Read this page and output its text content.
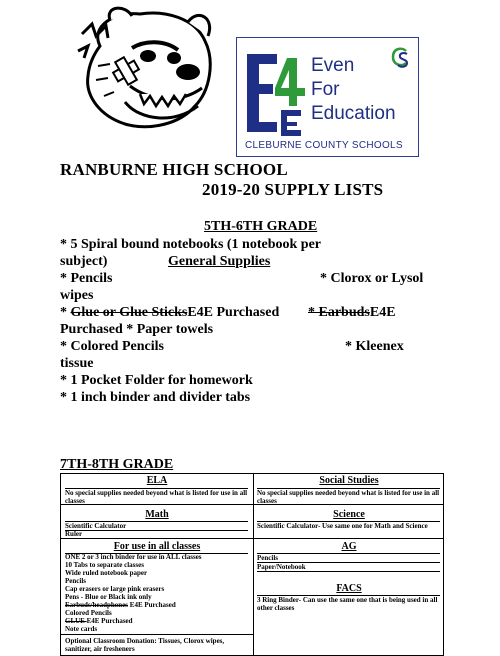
Even
For
Education
CLEBURNE COUNTY SCHOOLS
RANBURNE HIGH SCHOOL
2019-20 SUPPLY LISTS
5TH-6TH GRADE
* 5 Spiral bound notebooks (1 notebook per
subject)	General Supplies
* Pencils	* Clorox or Lysol
wipes
* Glue or Glue SticksE4E Purchased * EarbudsE4E
Purchased * Paper towels
* Colored Pencils	* Kleenex
tissue
* 1 Pocket Folder for homework
* 1 inch binder and divider tabs
7TH-8TH GRADE
ELA
No special supplies needed beyond what is listed for use in all classes
Social Studies
No special supplies needed beyond what is listed for use in all classes
Math
Scientific Calculator
Ruler
Science
Scientific Calculator- Use same one for Math and Science
For use in all classes
ONE 2 or 3 inch binder for use in ALL classes
10 Tabs to separate classes
Wide ruled notebook paper
Pencils
Cap erasers or large pink erasers
Pens - Blue or Black ink only
Earbuds/headphones E4E Purchased
Colored Pencils
GLUE E4E Purchased
Note cards
Optional Classroom Donation: Tissues, Clorox wipes, sanitizer, air fresheners
AG
Pencils
Paper/Notebook
FACS
3 Ring Binder- Can use the same one that is being used in all other classes
